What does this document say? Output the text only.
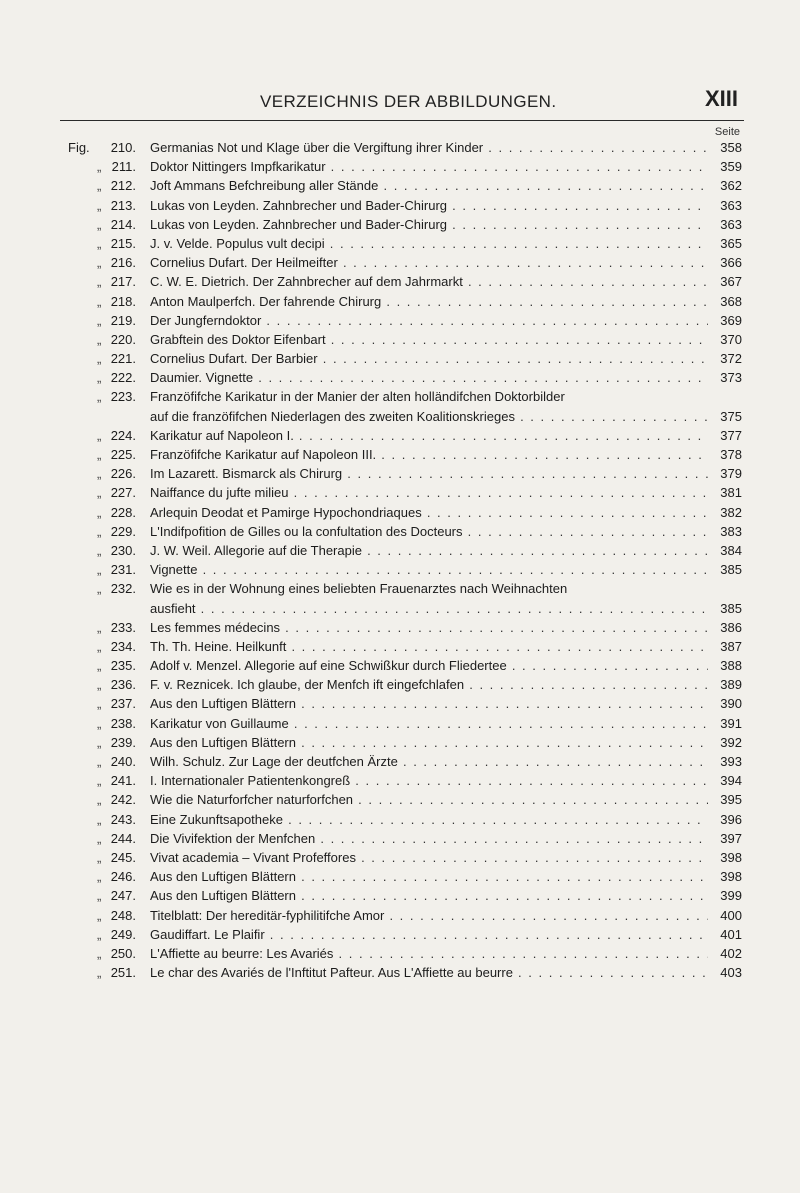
VERZEICHNIS DER ABBILDUNGEN.	XIII
Seite
Fig.	210. Germanias Not und Klage über die Vergiftung ihrer Kinder . . .	358
„ 211. Doktor Nittingers Impfkarikatur . . .	359
„ 212. Joft Ammans Befchreibung aller Stände . . .	362
„ 213. Lukas von Leyden. Zahnbrecher und Bader-Chirurg . . .	363
„ 214. Lukas von Leyden. Zahnbrecher und Bader-Chirurg . . .	363
„ 215. J. v. Velde. Populus vult decipi . . .	365
„ 216. Cornelius Dufart. Der Heilmeifter . . .	366
„ 217. C. W. E. Dietrich. Der Zahnbrecher auf dem Jahrmarkt . . .	367
„ 218. Anton Maulperfch. Der fahrende Chirurg . . .	368
„ 219. Der Jungferndoktor . . .	369
„ 220. Grabftein des Doktor Eifenbart . . .	370
„ 221. Cornelius Dufart. Der Barbier . . .	372
„ 222. Daumier. Vignette . . .	373
„ 223. Franzöfifche Karikatur in der Manier der alten holländifchen Doktorbilder
auf die franzöfifchen Niederlagen des zweiten Koalitionskrieges . . .	375
„ 224. Karikatur auf Napoleon I. . . .	377
„ 225. Franzöfifche Karikatur auf Napoleon III. . . .	378
„ 226. Im Lazarett. Bismarck als Chirurg . . .	379
„ 227. Naiffance du jufte milieu . . .	381
„ 228. Arlequin Deodat et Pamirge Hypochondriaques . . .	382
„ 229. L'Indifpofition de Gilles ou la confultation des Docteurs . . .	383
„ 230. J. W. Weil. Allegorie auf die Therapie . . .	384
„ 231. Vignette . . .	385
„ 232. Wie es in der Wohnung eines beliebten Frauenarztes nach Weihnachten
ausfieht . . .	385
„ 233. Les femmes médecins . . .	386
„ 234. Th. Th. Heine. Heilkunft . . .	387
„ 235. Adolf v. Menzel. Allegorie auf eine Schwißkur durch Fliedertee . . .	388
„ 236. F. v. Reznicek. Ich glaube, der Menfch ift eingefchlafen . . .	389
„ 237. Aus den Luftigen Blättern . . .	390
„ 238. Karikatur von Guillaume . . .	391
„ 239. Aus den Luftigen Blättern . . .	392
„ 240. Wilh. Schulz. Zur Lage der deutfchen Ärzte . . .	393
„ 241. I. Internationaler Patientenkongreß . . .	394
„ 242. Wie die Naturforfcher naturforfchen . . .	395
„ 243. Eine Zukunftsapotheke . . .	396
„ 244. Die Vivifektion der Menfchen . . .	397
„ 245. Vivat academia – Vivant Profeffores . . .	398
„ 246. Aus den Luftigen Blättern . . .	398
„ 247. Aus den Luftigen Blättern . . .	399
„ 248. Titelblatt: Der hereditär-fyphilitifche Amor . . .	400
„ 249. Gaudiffart. Le Plaifir . . .	401
„ 250. L'Affiette au beurre: Les Avariés . . .	402
„ 251. Le char des Avariés de l'Inftitut Pafteur. Aus L'Affiette au beurre . . .	403
